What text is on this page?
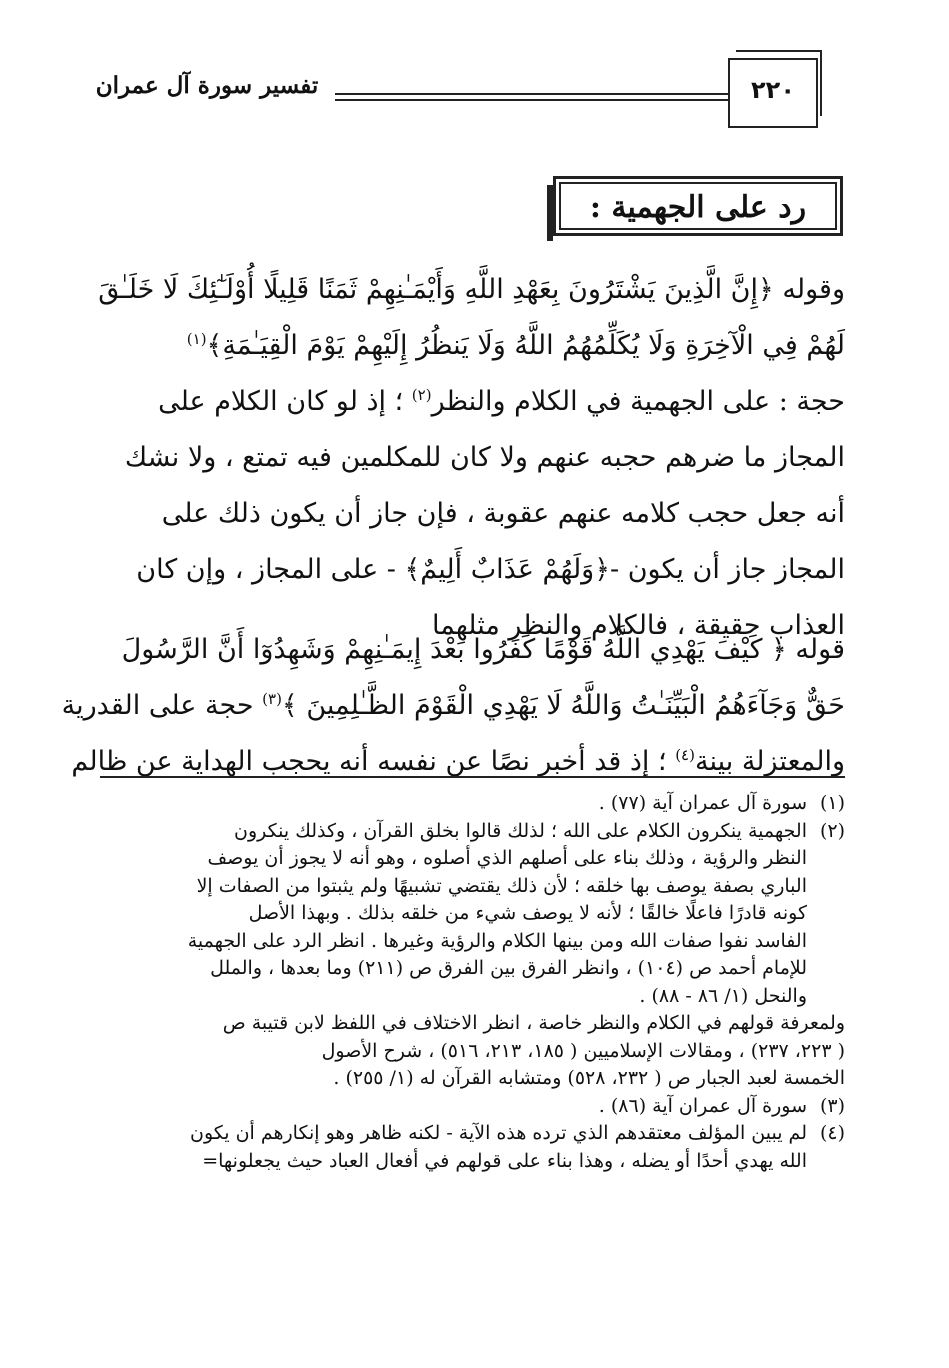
تفسير سورة آل عمران	٢٢٠
رد على الجهمية :
وقوله ﴿إِنَّ الَّذِينَ يَشْتَرُونَ بِعَهْدِ اللَّهِ وَأَيْمَـٰنِهِمْ ثَمَنًا قَلِيلًا أُوْلَـٰٓئِكَ لَا خَلَـٰقَ
لَهُمْ فِي الْآخِرَةِ وَلَا يُكَلِّمُهُمُ اللَّهُ وَلَا يَنظُرُ إِلَيْهِمْ يَوْمَ الْقِيَـٰمَةِ﴾$^{(١)}$
حجة : على الجهمية في الكلام والنظر$^{(٢)}$ ؛ إذ لو كان الكلام على
المجاز ما ضرهم حجبه عنهم ولا كان للمكلمين فيه تمتع ، ولا نشك
أنه جعل حجب كلامه عنهم عقوبة ، فإن جاز أن يكون ذلك على
المجاز جاز أن يكون -﴿وَلَهُمْ عَذَابٌ أَلِيمٌ﴾ - على المجاز ، وإن كان
العذاب حقيقة ، فالكلام والنظر مثلهما
قوله ﴿ كَيْفَ يَهْدِي اللَّهُ قَوْمًا كَفَرُوا بَعْدَ إِيمَـٰنِهِمْ وَشَهِدُوٓا أَنَّ الرَّسُولَ
حَقٌّ وَجَآءَهُمُ الْبَيِّنَـٰتُ وَاللَّهُ لَا يَهْدِي الْقَوْمَ الظَّـٰلِمِينَ ﴾$^{(٣)}$ حجة على القدرية
والمعتزلة بينة$^{(٤)}$ ؛ إذ قد أخبر نصًا عن نفسه أنه يحجب الهداية عن ظالم
(١)
سورة آل عمران آية (٧٧) .
(٢)
الجهمية ينكرون الكلام على الله ؛ لذلك قالوا بخلق القرآن ، وكذلك ينكرون
النظر والرؤية ، وذلك بناء على أصلهم الذي أصلوه ، وهو أنه لا يجوز أن يوصف
الباري بصفة يوصف بها خلقه ؛ لأن ذلك يقتضي تشبيهًا ولم يثبتوا من الصفات إلا
كونه قادرًا فاعلًا خالقًا ؛ لأنه لا يوصف شيء من خلقه بذلك . وبهذا الأصل
الفاسد نفوا صفات الله ومن بينها الكلام والرؤية وغيرها . انظر الرد على الجهمية
للإمام أحمد ص (١٠٤) ، وانظر الفرق بين الفرق ص (٢١١) وما بعدها ، والملل
والنحل (١/ ٨٦ - ٨٨) .
ولمعرفة قولهم في الكلام والنظر خاصة ، انظر الاختلاف في اللفظ لابن قتيبة ص
( ٢٢٣، ٢٣٧) ، ومقالات الإسلاميين ( ١٨٥، ٢١٣، ٥١٦) ، شرح الأصول
الخمسة لعبد الجبار ص ( ٢٣٢، ٥٢٨) ومتشابه القرآن له (١/ ٢٥٥) .
(٣)
سورة آل عمران آية (٨٦) .
(٤)
لم يبين المؤلف معتقدهم الذي ترده هذه الآية - لكنه ظاهر وهو إنكارهم أن يكون
الله يهدي أحدًا أو يضله ، وهذا بناء على قولهم في أفعال العباد حيث يجعلونها=
